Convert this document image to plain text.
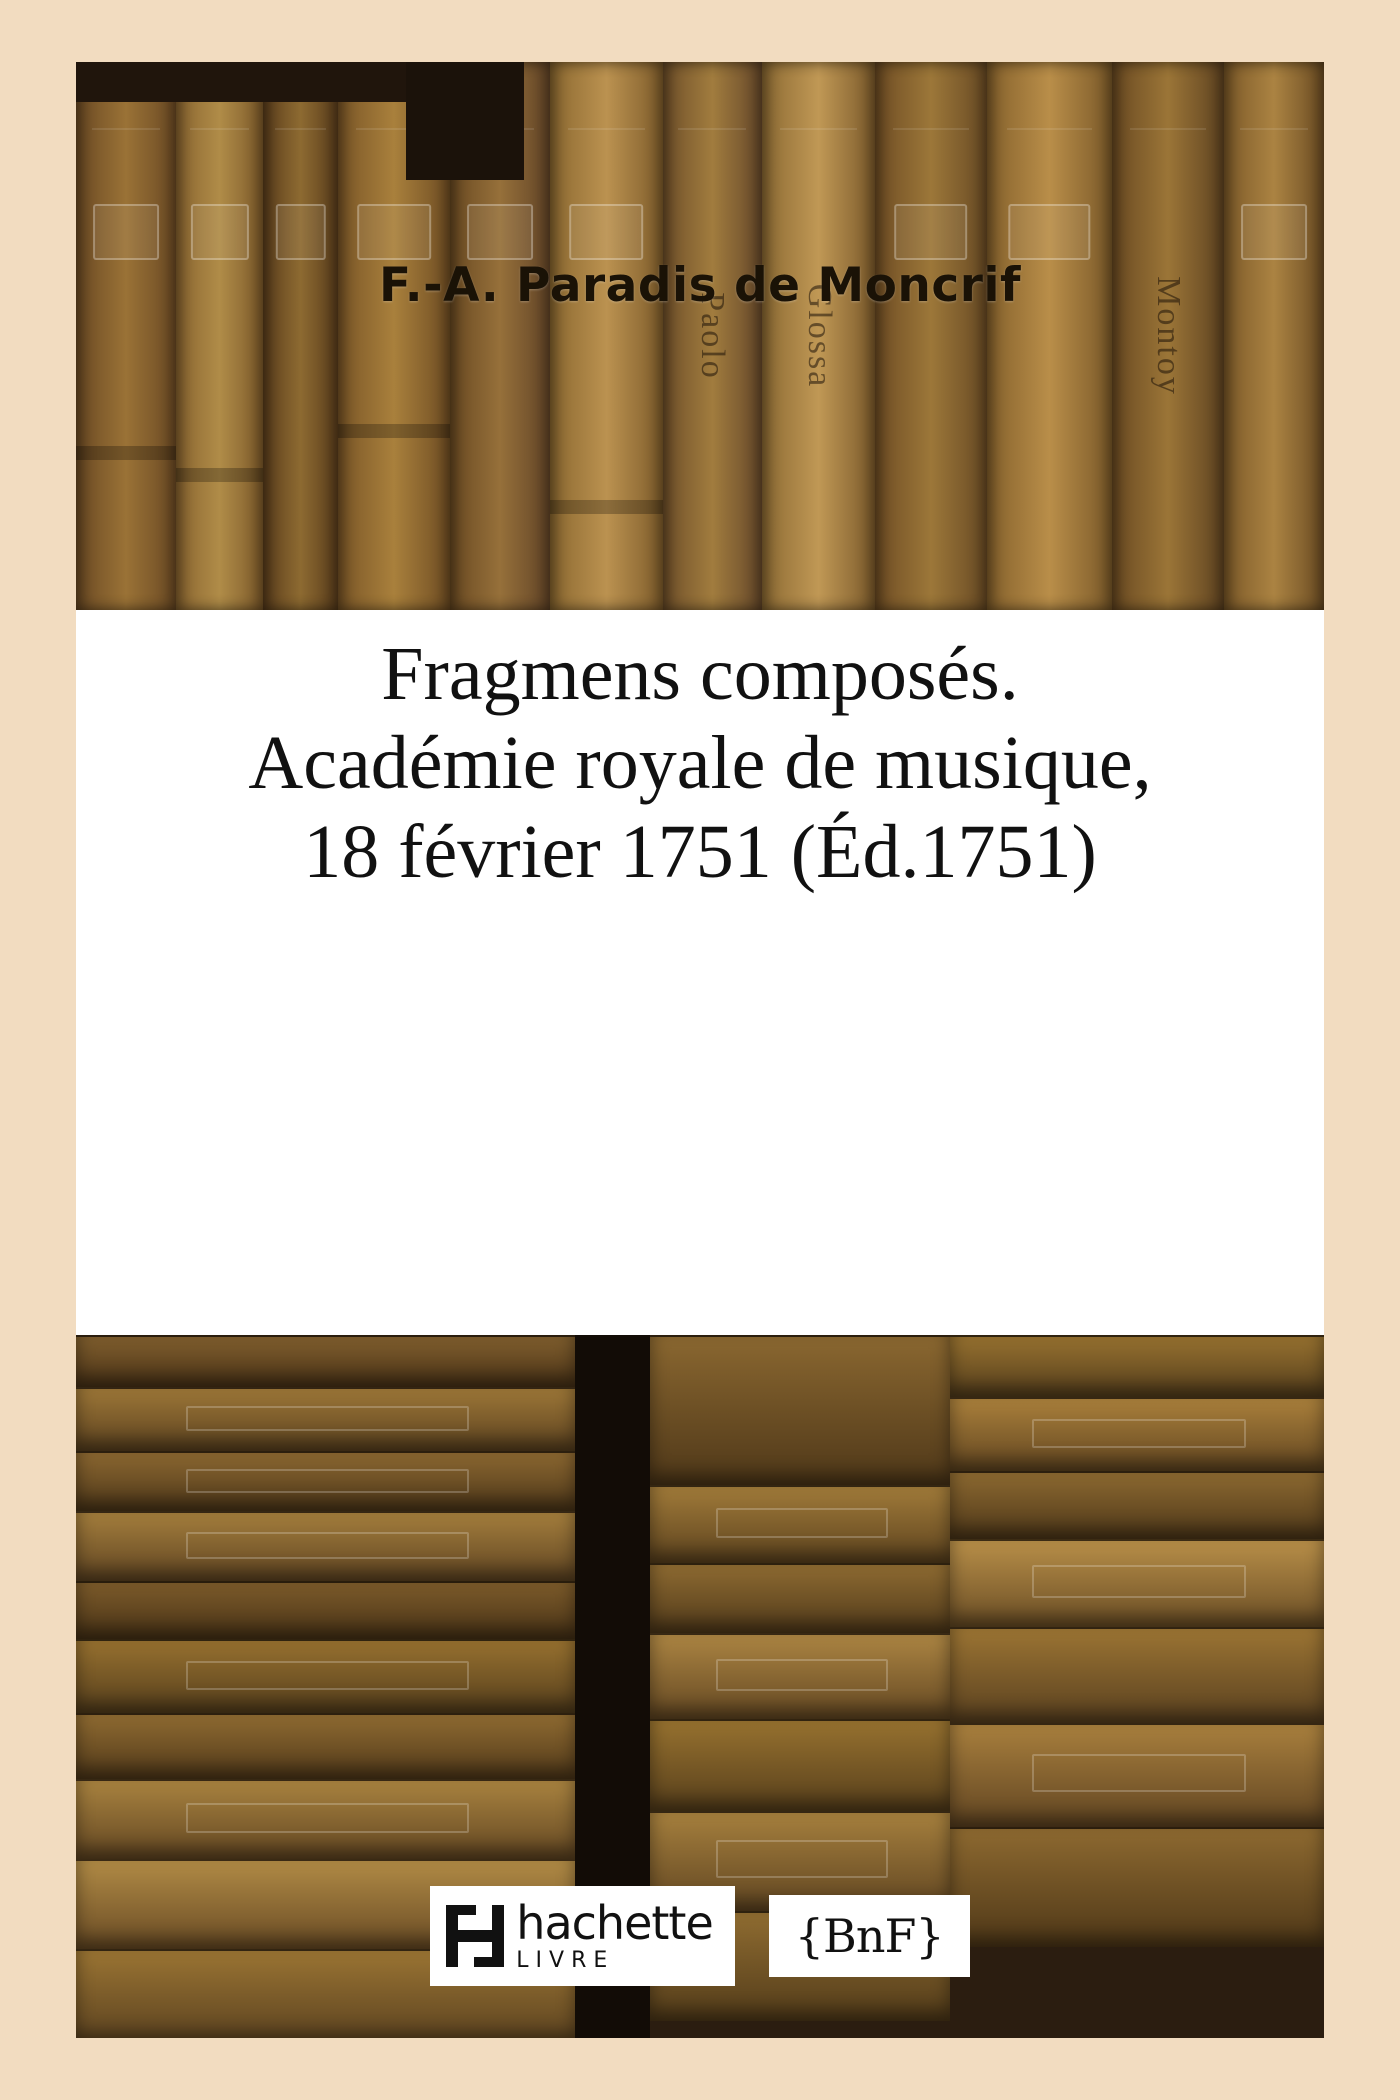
Paolo Glossa	Montoy
F.-A. Paradis de Moncrif
Fragmens composés.
Académie royale de musique,
18 février 1751 (Éd.1751)
hachette
LIVRE	{BnF}
